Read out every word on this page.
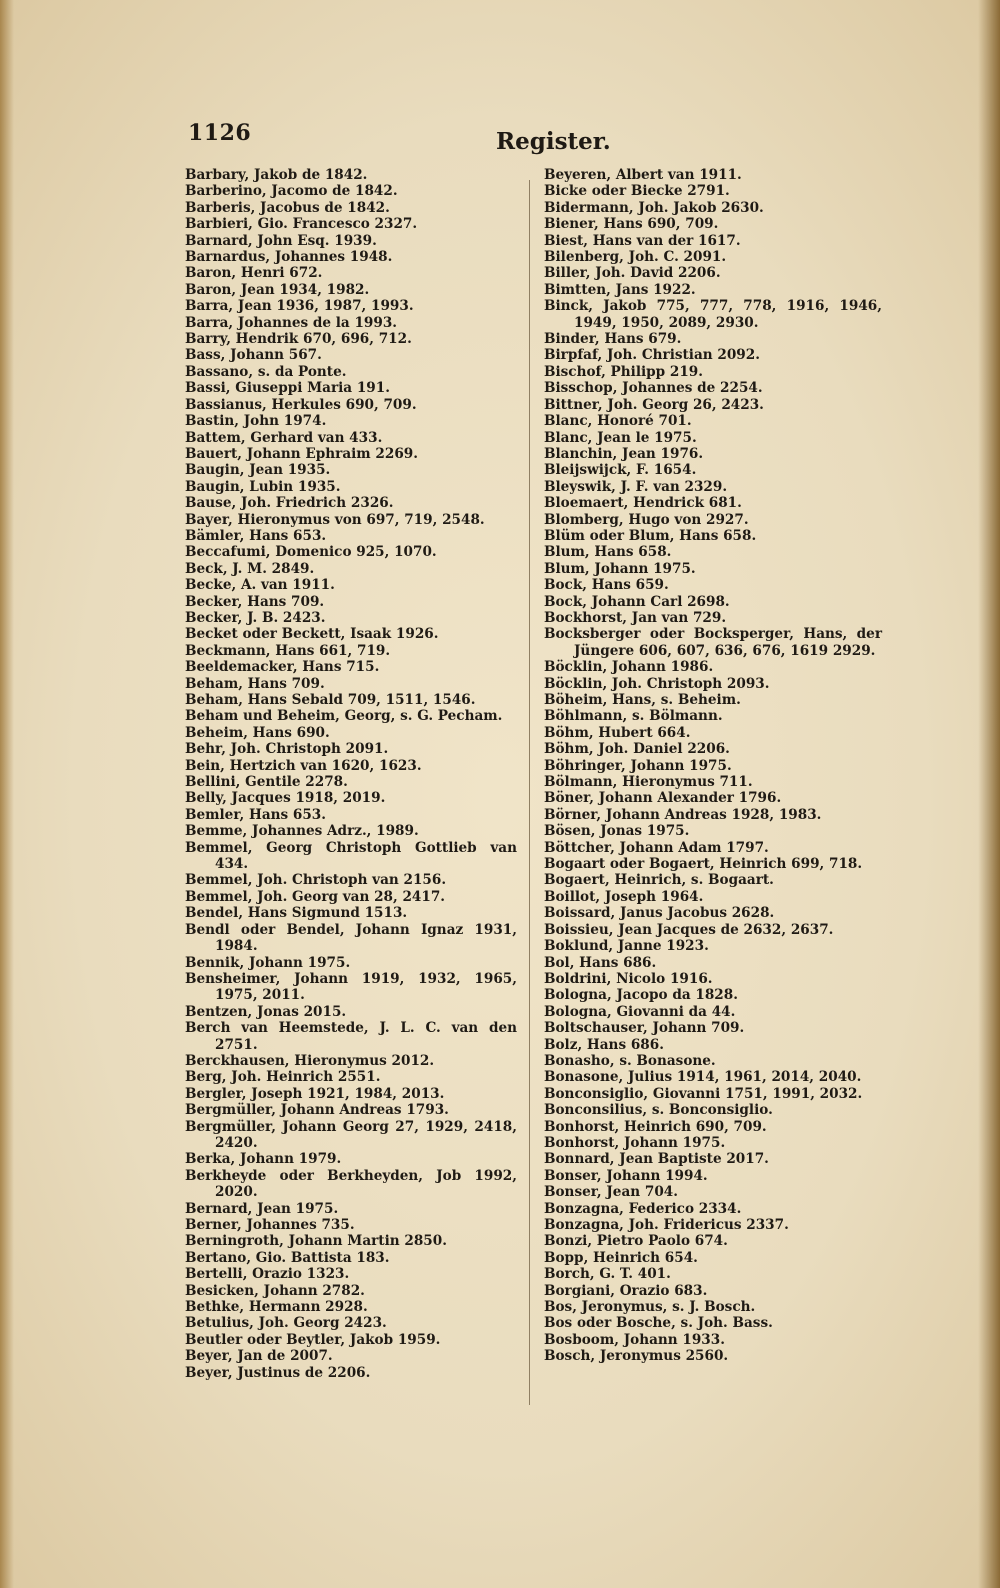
1126	Register.
Barbary, Jakob de 1842.
Barberino, Jacomo de 1842.
Barberis, Jacobus de 1842.
Barbieri, Gio. Francesco 2327.
Barnard, John Esq. 1939.
Barnardus, Johannes 1948.
Baron, Henri 672.
Baron, Jean 1934, 1982.
Barra, Jean 1936, 1987, 1993.
Barra, Johannes de la 1993.
Barry, Hendrik 670, 696, 712.
Bass, Johann 567.
Bassano, s. da Ponte.
Bassi, Giuseppi Maria 191.
Bassianus, Herkules 690, 709.
Bastin, John 1974.
Battem, Gerhard van 433.
Bauert, Johann Ephraim 2269.
Baugin, Jean 1935.
Baugin, Lubin 1935.
Bause, Joh. Friedrich 2326.
Bayer, Hieronymus von 697, 719, 2548.
Bämler, Hans 653.
Beccafumi, Domenico 925, 1070.
Beck, J. M. 2849.
Becke, A. van 1911.
Becker, Hans 709.
Becker, J. B. 2423.
Becket oder Beckett, Isaak 1926.
Beckmann, Hans 661, 719.
Beeldemacker, Hans 715.
Beham, Hans 709.
Beham, Hans Sebald 709, 1511, 1546.
Beham und Beheim, Georg, s. G. Pecham.
Beheim, Hans 690.
Behr, Joh. Christoph 2091.
Bein, Hertzich van 1620, 1623.
Bellini, Gentile 2278.
Belly, Jacques 1918, 2019.
Bemler, Hans 653.
Bemme, Johannes Adrz., 1989.
Bemmel, Georg Christoph Gottlieb van 434.
Bemmel, Joh. Christoph van 2156.
Bemmel, Joh. Georg van 28, 2417.
Bendel, Hans Sigmund 1513.
Bendl oder Bendel, Johann Ignaz 1931, 1984.
Bennik, Johann 1975.
Bensheimer, Johann 1919, 1932, 1965, 1975, 2011.
Bentzen, Jonas 2015.
Berch van Heemstede, J. L. C. van den 2751.
Berckhausen, Hieronymus 2012.
Berg, Joh. Heinrich 2551.
Bergler, Joseph 1921, 1984, 2013.
Bergmüller, Johann Andreas 1793.
Bergmüller, Johann Georg 27, 1929, 2418, 2420.
Berka, Johann 1979.
Berkheyde oder Berkheyden, Job 1992, 2020.
Bernard, Jean 1975.
Berner, Johannes 735.
Berningroth, Johann Martin 2850.
Bertano, Gio. Battista 183.
Bertelli, Orazio 1323.
Besicken, Johann 2782.
Bethke, Hermann 2928.
Betulius, Joh. Georg 2423.
Beutler oder Beytler, Jakob 1959.
Beyer, Jan de 2007.
Beyer, Justinus de 2206.
Beyeren, Albert van 1911.
Bicke oder Biecke 2791.
Bidermann, Joh. Jakob 2630.
Biener, Hans 690, 709.
Biest, Hans van der 1617.
Bilenberg, Joh. C. 2091.
Biller, Joh. David 2206.
Bimtten, Jans 1922.
Binck, Jakob 775, 777, 778, 1916, 1946, 1949, 1950, 2089, 2930.
Binder, Hans 679.
Birpfaf, Joh. Christian 2092.
Bischof, Philipp 219.
Bisschop, Johannes de 2254.
Bittner, Joh. Georg 26, 2423.
Blanc, Honoré 701.
Blanc, Jean le 1975.
Blanchin, Jean 1976.
Bleijswijck, F. 1654.
Bleyswik, J. F. van 2329.
Bloemaert, Hendrick 681.
Blomberg, Hugo von 2927.
Blüm oder Blum, Hans 658.
Blum, Hans 658.
Blum, Johann 1975.
Bock, Hans 659.
Bock, Johann Carl 2698.
Bockhorst, Jan van 729.
Bocksberger oder Bocksperger, Hans, der Jüngere 606, 607, 636, 676, 1619 2929.
Böcklin, Johann 1986.
Böcklin, Joh. Christoph 2093.
Böheim, Hans, s. Beheim.
Böhlmann, s. Bölmann.
Böhm, Hubert 664.
Böhm, Joh. Daniel 2206.
Böhringer, Johann 1975.
Bölmann, Hieronymus 711.
Böner, Johann Alexander 1796.
Börner, Johann Andreas 1928, 1983.
Bösen, Jonas 1975.
Böttcher, Johann Adam 1797.
Bogaart oder Bogaert, Heinrich 699, 718.
Bogaert, Heinrich, s. Bogaart.
Boillot, Joseph 1964.
Boissard, Janus Jacobus 2628.
Boissieu, Jean Jacques de 2632, 2637.
Boklund, Janne 1923.
Bol, Hans 686.
Boldrini, Nicolo 1916.
Bologna, Jacopo da 1828.
Bologna, Giovanni da 44.
Boltschauser, Johann 709.
Bolz, Hans 686.
Bonasho, s. Bonasone.
Bonasone, Julius 1914, 1961, 2014, 2040.
Bonconsiglio, Giovanni 1751, 1991, 2032.
Bonconsilius, s. Bonconsiglio.
Bonhorst, Heinrich 690, 709.
Bonhorst, Johann 1975.
Bonnard, Jean Baptiste 2017.
Bonser, Johann 1994.
Bonser, Jean 704.
Bonzagna, Federico 2334.
Bonzagna, Joh. Fridericus 2337.
Bonzi, Pietro Paolo 674.
Bopp, Heinrich 654.
Borch, G. T. 401.
Borgiani, Orazio 683.
Bos, Jeronymus, s. J. Bosch.
Bos oder Bosche, s. Joh. Bass.
Bosboom, Johann 1933.
Bosch, Jeronymus 2560.
